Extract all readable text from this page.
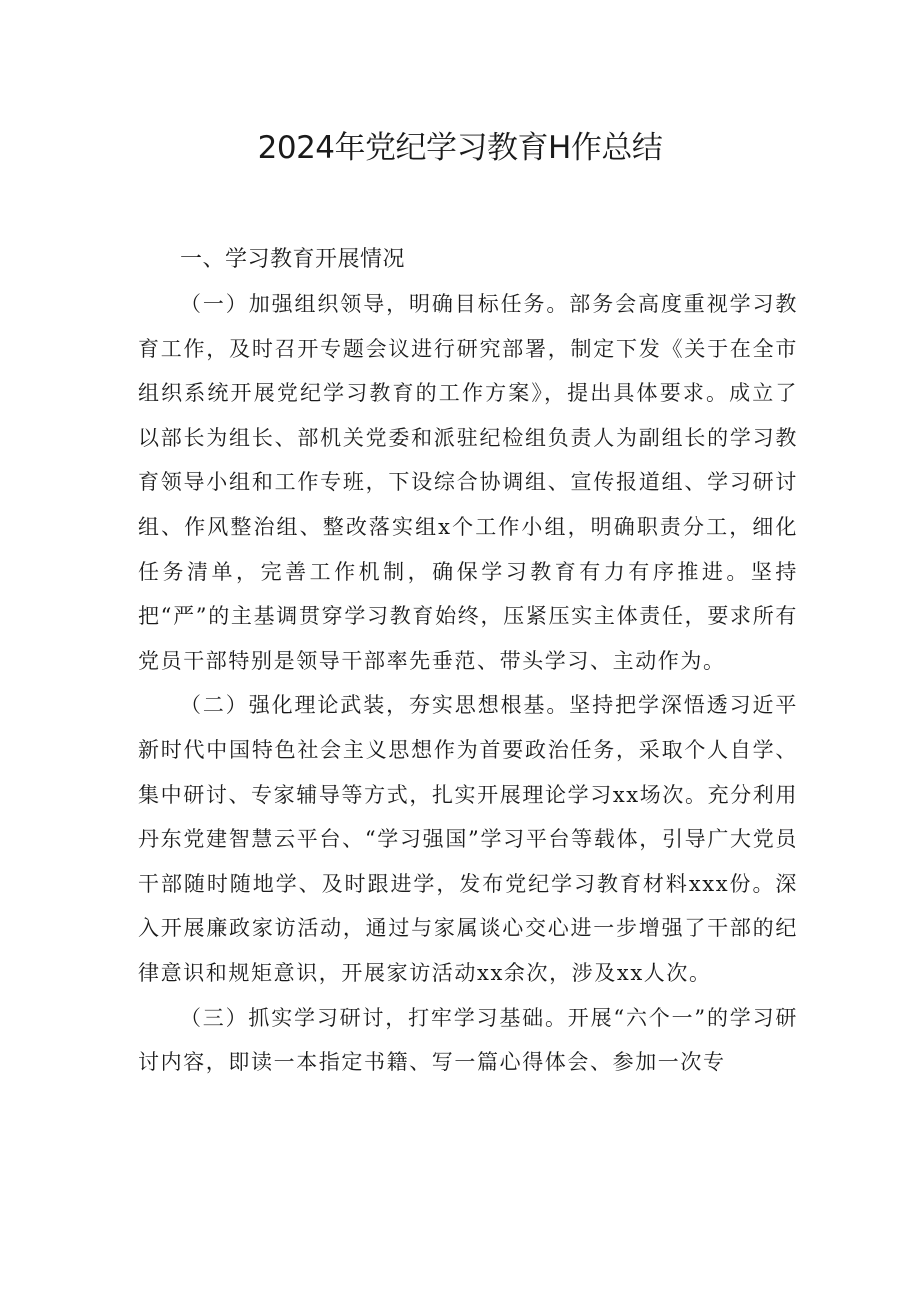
2024年党纪学习教育H作总结
一、学习教育开展情况

（一）加强组织领导，明确目标任务。部务会高度重视学习教育工作，及时召开专题会议进行研究部署，制定下发《关于在全市组织系统开展党纪学习教育的工作方案》，提出具体要求。成立了以部长为组长、部机关党委和派驻纪检组负责人为副组长的学习教育领导小组和工作专班，下设综合协调组、宣传报道组、学习研讨组、作风整治组、整改落实组x个工作小组，明确职责分工，细化任务清单，完善工作机制，确保学习教育有力有序推进。坚持把“严”的主基调贯穿学习教育始终，压紧压实主体责任，要求所有党员干部特别是领导干部率先垂范、带头学习、主动作为。

（二）强化理论武装，夯实思想根基。坚持把学深悟透习近平新时代中国特色社会主义思想作为首要政治任务，采取个人自学、集中研讨、专家辅导等方式，扎实开展理论学习xx场次。充分利用丹东党建智慧云平台、“学习强国”学习平台等载体，引导广大党员干部随时随地学、及时跟进学，发布党纪学习教育材料xxx份。深入开展廉政家访活动，通过与家属谈心交心进一步增强了干部的纪律意识和规矩意识，开展家访活动xx余次，涉及xx人次。

（三）抓实学习研讨，打牢学习基础。开展“六个一”的学习研讨内容，即读一本指定书籍、写一篇心得体会、参加一次专
